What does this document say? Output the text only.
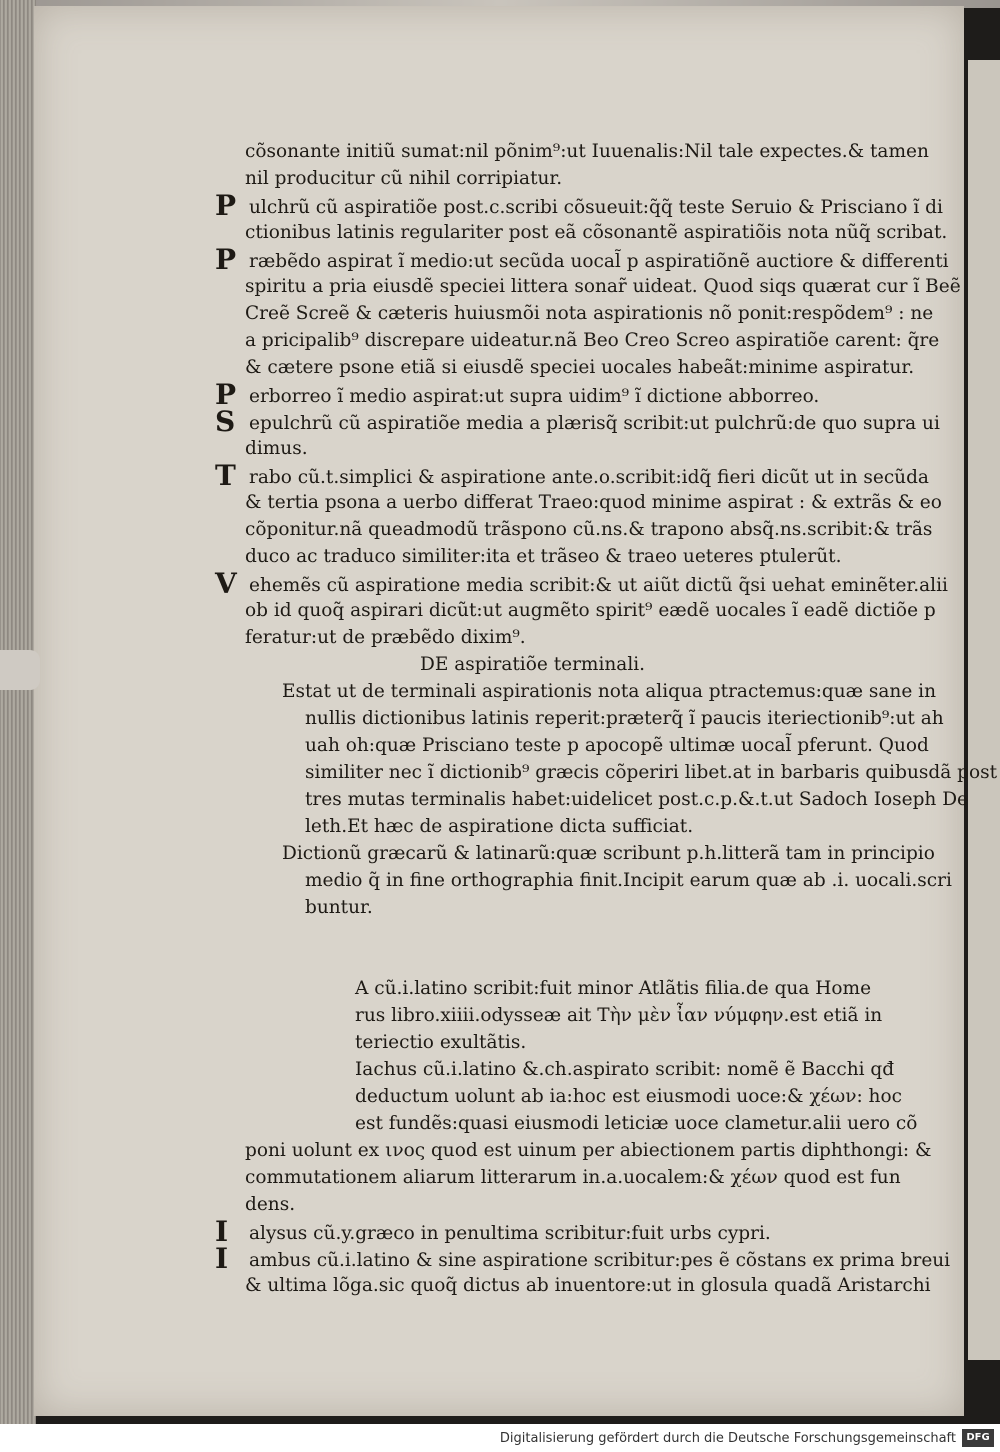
cõsonante initiũ sumat:nil põnim⁹:ut Iuuenalis:Nil tale expectes.& tamen
nil producitur cũ nihil corripiatur.
Pulchrũ cũ aspiratiõe post.c.scribi cõsueuit:q̃q̃ teste Seruio & Prisciano ĩ di
ctionibus latinis regulariter post eã cõsonantẽ aspiratiõis nota nũq̃ scribat.
Præbẽdo aspirat ĩ medio:ut secũda uocal̃ p aspiratiõnẽ auctiore & differenti
spiritu a pria eiusdẽ speciei littera sonar̃ uideat. Quod siqs quærat cur ĩ Beẽ
Creẽ Screẽ & cæteris huiusmõi nota aspirationis nõ ponit:respõdem⁹ : ne
a pricipalib⁹ discrepare uideatur.nã Beo Creo Screo aspiratiõe carent: q̃re
& cætere psone etiã si eiusdẽ speciei uocales habeãt:minime aspiratur.
Perborreo ĩ medio aspirat:ut supra uidim⁹ ĩ dictione abborreo.
Sepulchrũ cũ aspiratiõe media a plærisq̃ scribit:ut pulchrũ:de quo supra ui
dimus.
Trabo cũ.t.simplici & aspiratione ante.o.scribit:idq̃ fieri dicũt ut in secũda
& tertia psona a uerbo differat Traeo:quod minime aspirat : & extrãs & eo
cõponitur.nã queadmodũ trãspono cũ.ns.& trapono absq̃.ns.scribit:& trãs
duco ac traduco similiter:ita et trãseo & traeo ueteres ptulerũt.
Vehemẽs cũ aspiratione media scribit:& ut aiũt dictũ q̃si uehat eminẽter.alii
ob id quoq̃ aspirari dicũt:ut augmẽto spirit⁹ eædẽ uocales ĩ eadẽ dictiõe p
feratur:ut de præbẽdo dixim⁹.
DE aspiratiõe terminali.
Estat ut de terminali aspirationis nota aliqua ptractemus:quæ sane in
nullis dictionibus latinis reperit:præterq̃ ĩ paucis iteriectionib⁹:ut ah
uah oh:quæ Prisciano teste p apocopẽ ultimæ uocal̃ pferunt. Quod
similiter nec ĩ dictionib⁹ græcis cõperiri libet.at in barbaris quibusdã post
tres mutas terminalis habet:uidelicet post.c.p.&.t.ut Sadoch Ioseph De
leth.Et hæc de aspiratione dicta sufficiat.
Dictionũ græcarũ & latinarũ:quæ scribunt p.h.litterã tam in principio
medio q̃ in fine orthographia finit.Incipit earum quæ ab .i. uocali.scri
buntur.
A cũ.i.latino scribit:fuit minor Atlãtis filia.de qua Home
rus libro.xiiii.odysseæ ait Τὴν μὲν ἶαν νύμφην.est etiã in
teriectio exultãtis.
Iachus cũ.i.latino &.ch.aspirato scribit: nomẽ ẽ Bacchi qđ
deductum uolunt ab ia:hoc est eiusmodi uoce:& χέων: hoc
est fundẽs:quasi eiusmodi leticiæ uoce clametur.alii uero cõ
poni uolunt ex ινος quod est uinum per abiectionem partis diphthongi: &
commutationem aliarum litterarum in.a.uocalem:& χέων quod est fun
dens.
I alysus cũ.y.græco in penultima scribitur:fuit urbs cypri.
I ambus cũ.i.latino & sine aspiratione scribitur:pes ẽ cõstans ex prima breui
& ultima lõga.sic quoq̃ dictus ab inuentore:ut in glosula quadã Aristarchi
Digitalisierung gefördert durch die Deutsche Forschungsgemeinschaft	DFG
